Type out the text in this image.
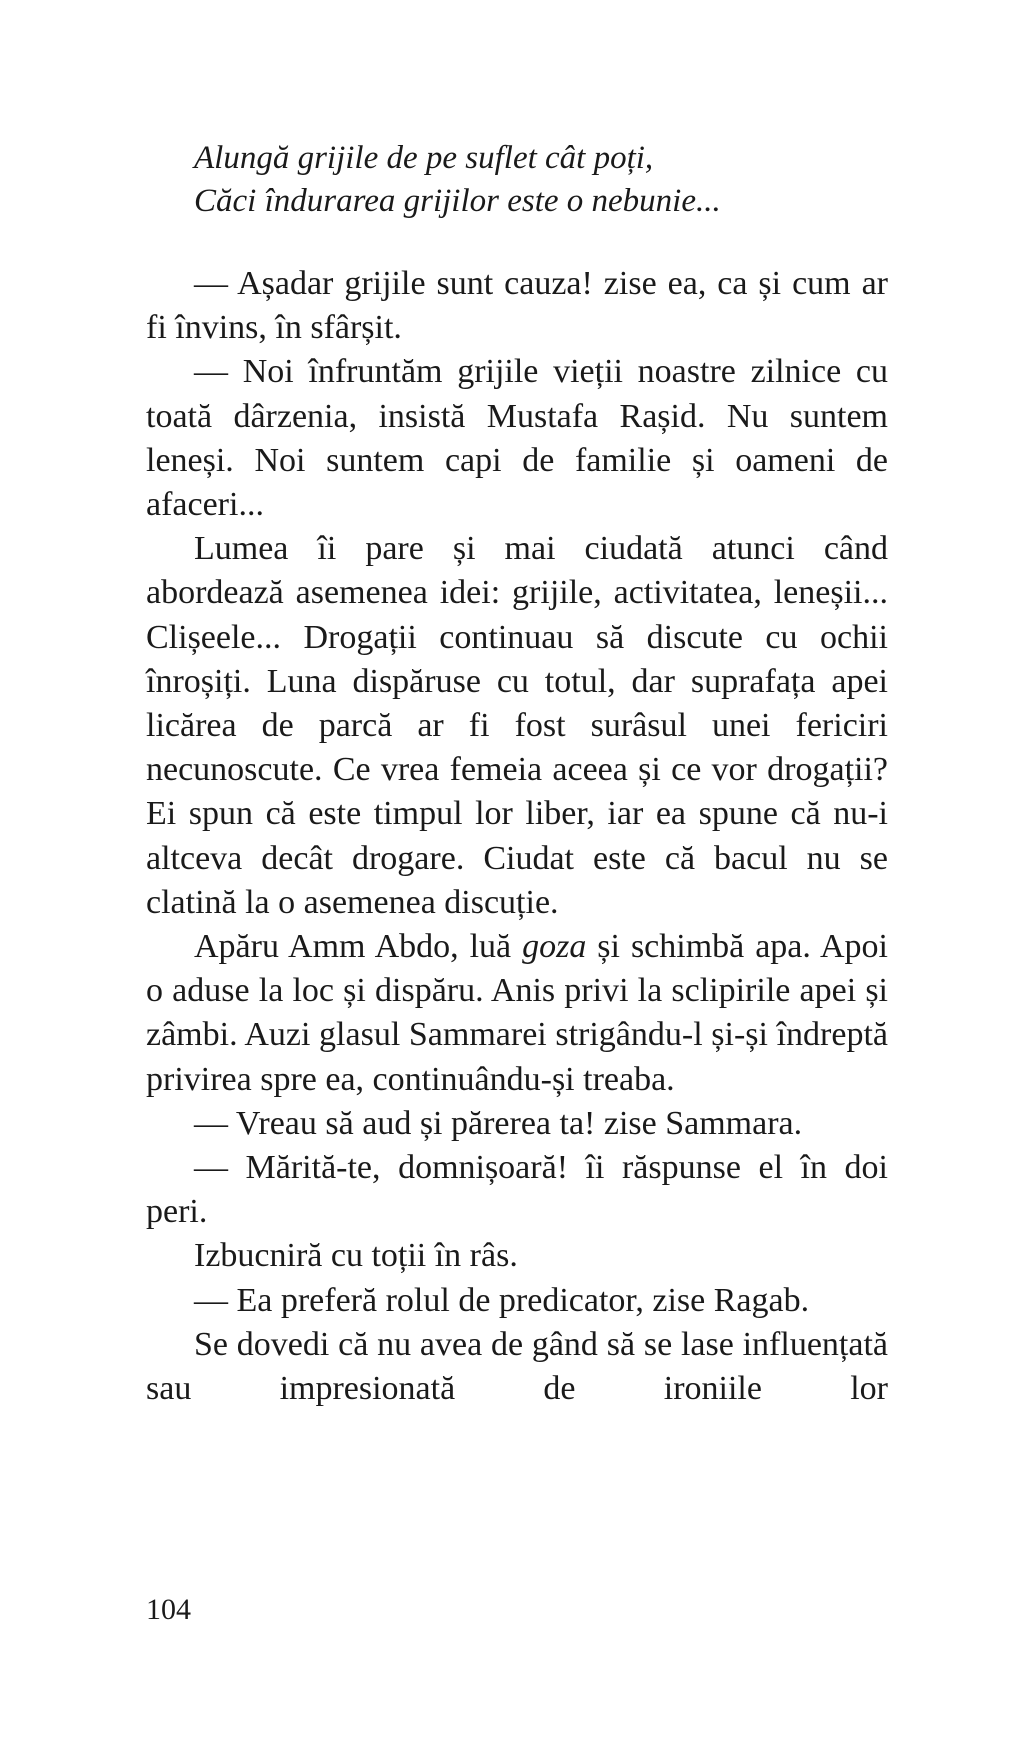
Alungă grijile de pe suflet cât poți,
Căci îndurarea grijilor este o nebunie...

— Așadar grijile sunt cauza! zise ea, ca și cum ar fi învins, în sfârșit.

— Noi înfruntăm grijile vieții noastre zilnice cu toată dârzenia, insistă Mustafa Rașid. Nu suntem leneși. Noi suntem capi de familie și oameni de afaceri...

Lumea îi pare și mai ciudată atunci când abordează asemenea idei: grijile, activitatea, leneșii... Clișeele... Drogații continuau să discute cu ochii înroșiți. Luna dispăruse cu totul, dar suprafața apei licărea de parcă ar fi fost surâsul unei fericiri necunoscute. Ce vrea femeia aceea și ce vor drogații? Ei spun că este timpul lor liber, iar ea spune că nu-i altceva decât drogare. Ciudat este că bacul nu se clatină la o asemenea discuție.

Apăru Amm Abdo, luă goza și schimbă apa. Apoi o aduse la loc și dispăru. Anis privi la sclipirile apei și zâmbi. Auzi glasul Sammarei strigându-l și-și îndreptă privirea spre ea, continuându-și treaba.

— Vreau să aud și părerea ta! zise Sammara.

— Mărită-te, domnișoară! îi răspunse el în doi peri.

Izbucniră cu toții în râs.

— Ea preferă rolul de predicator, zise Ragab.

Se dovedi că nu avea de gând să se lase influențată sau impresionată de ironiile lor

104
